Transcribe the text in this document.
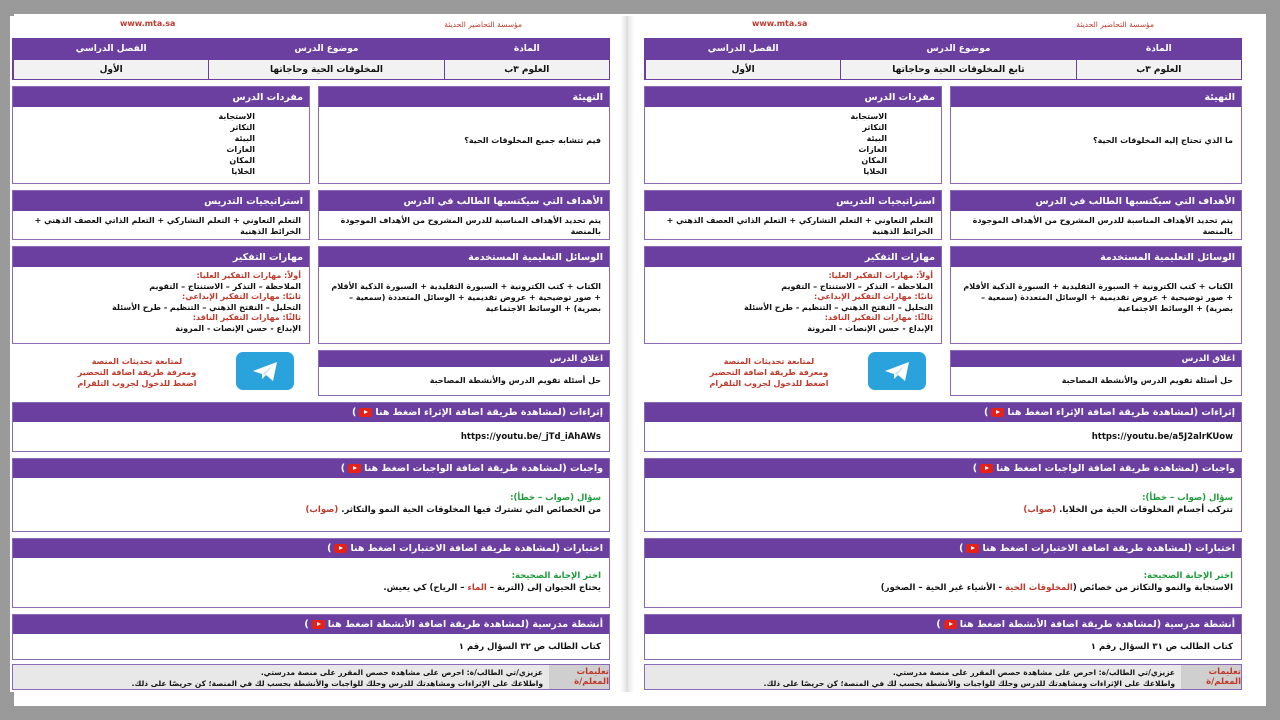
مؤسسة التحاضير الحديثة
www.mta.sa
المادة
موضوع الدرس
الفصل الدراسي
العلوم ٣ب
تابع المخلوقات الحية وحاجاتها
الأول
التهيئة
ما الذي تحتاج إليه المخلوقات الحية؟
مفردات الدرس
الاستجابة
التكاثر
البيئة
الغازات
المكان
الخلايا
الأهداف التي سيكتسبها الطالب في الدرس
يتم تحديد الأهداف المناسبة للدرس المشروح من الأهداف الموجودة بالمنصة
استراتيجيات التدريس
التعلم التعاوني + التعلم التشاركي + التعلم الذاتي العصف الذهني + الخرائط الذهنية
الوسائل التعليمية المستخدمة
الكتاب + كتب الكترونية + السبورة التقليدية + السبورة الذكية الأقلام + صور توضيحية + عروض تقديمية + الوسائل المتعددة (سمعية – بصرية) + الوسائط الاجتماعية
مهارات التفكير
أولاً: مهارات التفكير العليا:
الملاحظة – التذكر – الاستنتاج – التقويم
ثانيًا: مهارات التفكير الإبداعي:
التحليل – التفتح الذهني – التنظيم - طرح الأسئلة
ثالثًا: مهارات التفكير الناقد:
الإبداع - حسن الإنصات - المرونة
اغلاق الدرس
حل أسئلة تقويم الدرس والأنشطة المصاحبة
لمتابعة تحديثات المنصة
ومعرفة طريقة اضافة التحضير
اضغط للدخول لجروب التلقرام
إثراءات (لمشاهدة طريقة اضافة الإثراء اضغط هنا
)
https://youtu.be/a5J2alrKUow
واجبات (لمشاهدة طريقة اضافة الواجبات اضغط هنا
)
سؤال (صواب – خطأ):
تتركب أجسام المخلوقات الحية من الخلايا. (صواب)
اختبارات (لمشاهدة طريقة اضافة الاختبارات اضغط هنا
)
اختر الإجابة الصحيحة:
الاستجابة والنمو والتكاثر من خصائص (المخلوقات الحية - الأشياء غير الحية – الصخور)
أنشطة مدرسية (لمشاهدة طريقة اضافة الأنشطة اضغط هنا
)
كتاب الطالب ص ٣١ السؤال رقم ١
تعليمات المعلم/ة
عزيزي/تي الطالب/ة: احرص على مشاهدة حصص المقرر على منصة مدرستي.
واطلاعك على الإثراءات ومشاهدتك للدرس وحلك للواجبات والأنشطة بحسب لك في المنصة؛ كن حريصًا على ذلك.
مؤسسة التحاضير الحديثة
www.mta.sa
المادة
موضوع الدرس
الفصل الدراسي
العلوم ٣ب
المخلوقات الحية وحاجاتها
الأول
التهيئة
فيم تتشابه جميع المخلوقات الحية؟
مفردات الدرس
الاستجابة
التكاثر
البيئة
الغازات
المكان
الخلايا
الأهداف التي سيكتسبها الطالب في الدرس
يتم تحديد الأهداف المناسبة للدرس المشروح من الأهداف الموجودة بالمنصة
استراتيجيات التدريس
التعلم التعاوني + التعلم التشاركي + التعلم الذاتي العصف الذهني + الخرائط الذهنية
الوسائل التعليمية المستخدمة
الكتاب + كتب الكترونية + السبورة التقليدية + السبورة الذكية الأقلام + صور توضيحية + عروض تقديمية + الوسائل المتعددة (سمعية – بصرية) + الوسائط الاجتماعية
مهارات التفكير
أولاً: مهارات التفكير العليا:
الملاحظة – التذكر – الاستنتاج – التقويم
ثانيًا: مهارات التفكير الإبداعي:
التحليل – التفتح الذهني – التنظيم - طرح الأسئلة
ثالثًا: مهارات التفكير الناقد:
الإبداع - حسن الإنصات - المرونة
اغلاق الدرس
حل أسئلة تقويم الدرس والأنشطة المصاحبة
لمتابعة تحديثات المنصة
ومعرفة طريقة اضافة التحضير
اضغط للدخول لجروب التلقرام
إثراءات (لمشاهدة طريقة اضافة الإثراء اضغط هنا
)
https://youtu.be/_jTd_iAhAWs
واجبات (لمشاهدة طريقة اضافة الواجبات اضغط هنا
)
سؤال (صواب – خطأ):
من الخصائص التي تشترك فيها المخلوقات الحية النمو والتكاثر. (صواب)
اختبارات (لمشاهدة طريقة اضافة الاختبارات اضغط هنا
)
اختر الإجابة الصحيحة:
يحتاج الحيوان إلى (التربة – الماء – الرياح) كي يعيش.
أنشطة مدرسية (لمشاهدة طريقة اضافة الأنشطة اضغط هنا
)
كتاب الطالب ص ٣٢ السؤال رقم ١
تعليمات المعلم/ة
عزيزي/تي الطالب/ة: احرص على مشاهدة حصص المقرر على منصة مدرستي.
واطلاعك على الإثراءات ومشاهدتك للدرس وحلك للواجبات والأنشطة بحسب لك في المنصة؛ كن حريصًا على ذلك.
